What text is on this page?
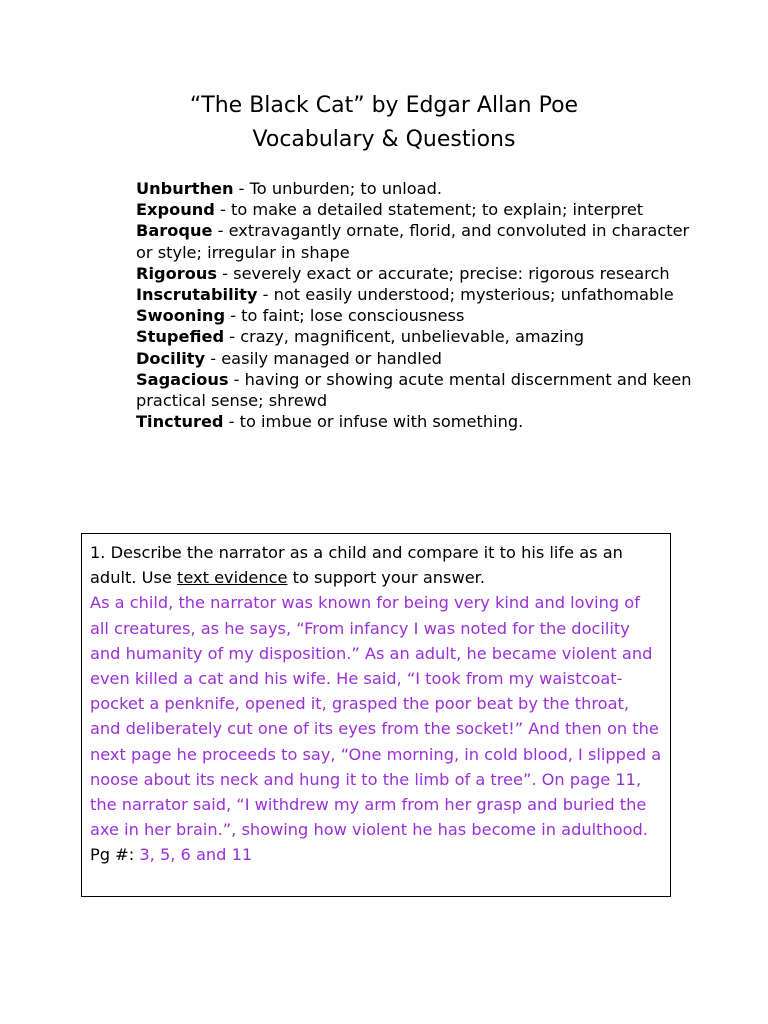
“The Black Cat” by Edgar Allan Poe
Vocabulary & Questions
Unburthen - To unburden; to unload.
Expound - to make a detailed statement; to explain; interpret
Baroque - extravagantly ornate, florid, and convoluted in character or style; irregular in shape
Rigorous - severely exact or accurate; precise: rigorous research
Inscrutability - not easily understood; mysterious; unfathomable
Swooning - to faint; lose consciousness
Stupefied - crazy, magnificent, unbelievable, amazing
Docility - easily managed or handled
Sagacious - having or showing acute mental discernment and keen practical sense; shrewd
Tinctured - to imbue or infuse with something.

1. Describe the narrator as a child and compare it to his life as an adult. Use text evidence to support your answer.

As a child, the narrator was known for being very kind and loving of all creatures, as he says, “From infancy I was noted for the docility and humanity of my disposition.” As an adult, he became violent and even killed a cat and his wife. He said, “I took from my waistcoat-pocket a penknife, opened it, grasped the poor beat by the throat, and deliberately cut one of its eyes from the socket!” And then on the next page he proceeds to say, “One morning, in cold blood, I slipped a noose about its neck and hung it to the limb of a tree”. On page 11, the narrator said, “I withdrew my arm from her grasp and buried the axe in her brain.”, showing how violent he has become in adulthood.

Pg #: 3, 5, 6 and 11
